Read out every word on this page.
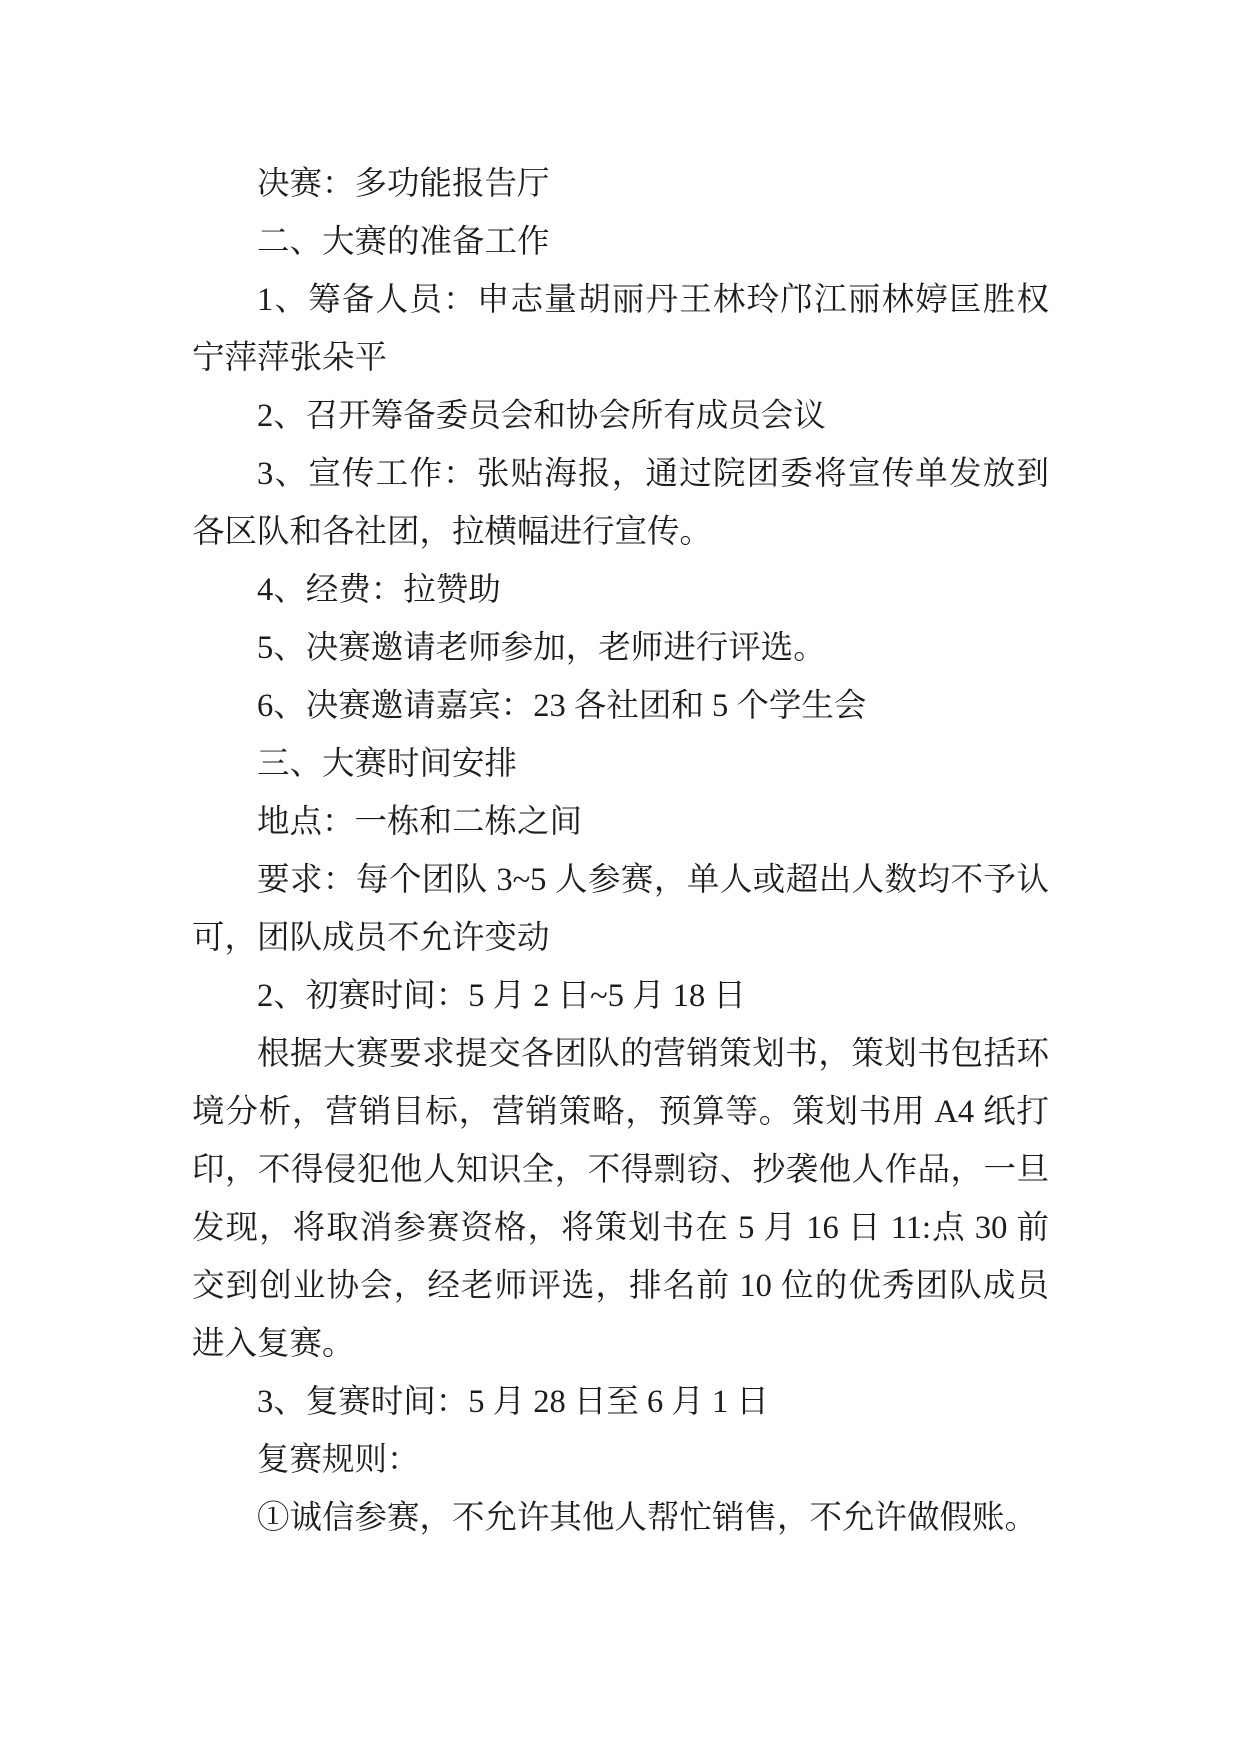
决赛：多功能报告厅
二、大赛的准备工作
1、筹备人员：申志量胡丽丹王林玲邝江丽林婷匡胜权
宁萍萍张朵平
2、召开筹备委员会和协会所有成员会议
3、宣传工作：张贴海报，通过院团委将宣传单发放到
各区队和各社团，拉横幅进行宣传。
4、经费：拉赞助
5、决赛邀请老师参加，老师进行评选。
6、决赛邀请嘉宾：23 各社团和 5 个学生会
三、大赛时间安排
地点：一栋和二栋之间
要求：每个团队 3~5 人参赛，单人或超出人数均不予认
可，团队成员不允许变动
2、初赛时间：5 月 2 日~5 月 18 日
根据大赛要求提交各团队的营销策划书，策划书包括环
境分析，营销目标，营销策略，预算等。策划书用 A4 纸打
印，不得侵犯他人知识全，不得剽窃、抄袭他人作品，一旦
发现，将取消参赛资格，将策划书在 5 月 16 日 11:点 30 前
交到创业协会，经老师评选，排名前 10 位的优秀团队成员
进入复赛。
3、复赛时间：5 月 28 日至 6 月 1 日
复赛规则：
①诚信参赛，不允许其他人帮忙销售，不允许做假账。
